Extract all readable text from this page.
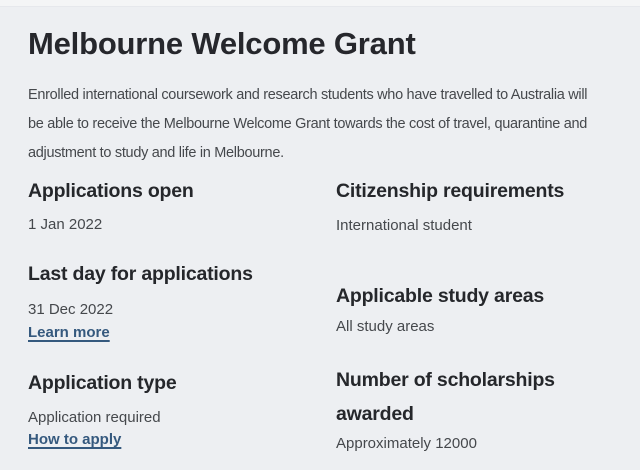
Melbourne Welcome Grant
Enrolled international coursework and research students who have travelled to Australia will
be able to receive the Melbourne Welcome Grant towards the cost of travel, quarantine and
adjustment to study and life in Melbourne.
Applications open
1 Jan 2022
Last day for applications
31 Dec 2022
Learn more
Application type
Application required
How to apply
Citizenship requirements
International student
Applicable study areas
All study areas
Number of scholarships awarded
Approximately 12000
